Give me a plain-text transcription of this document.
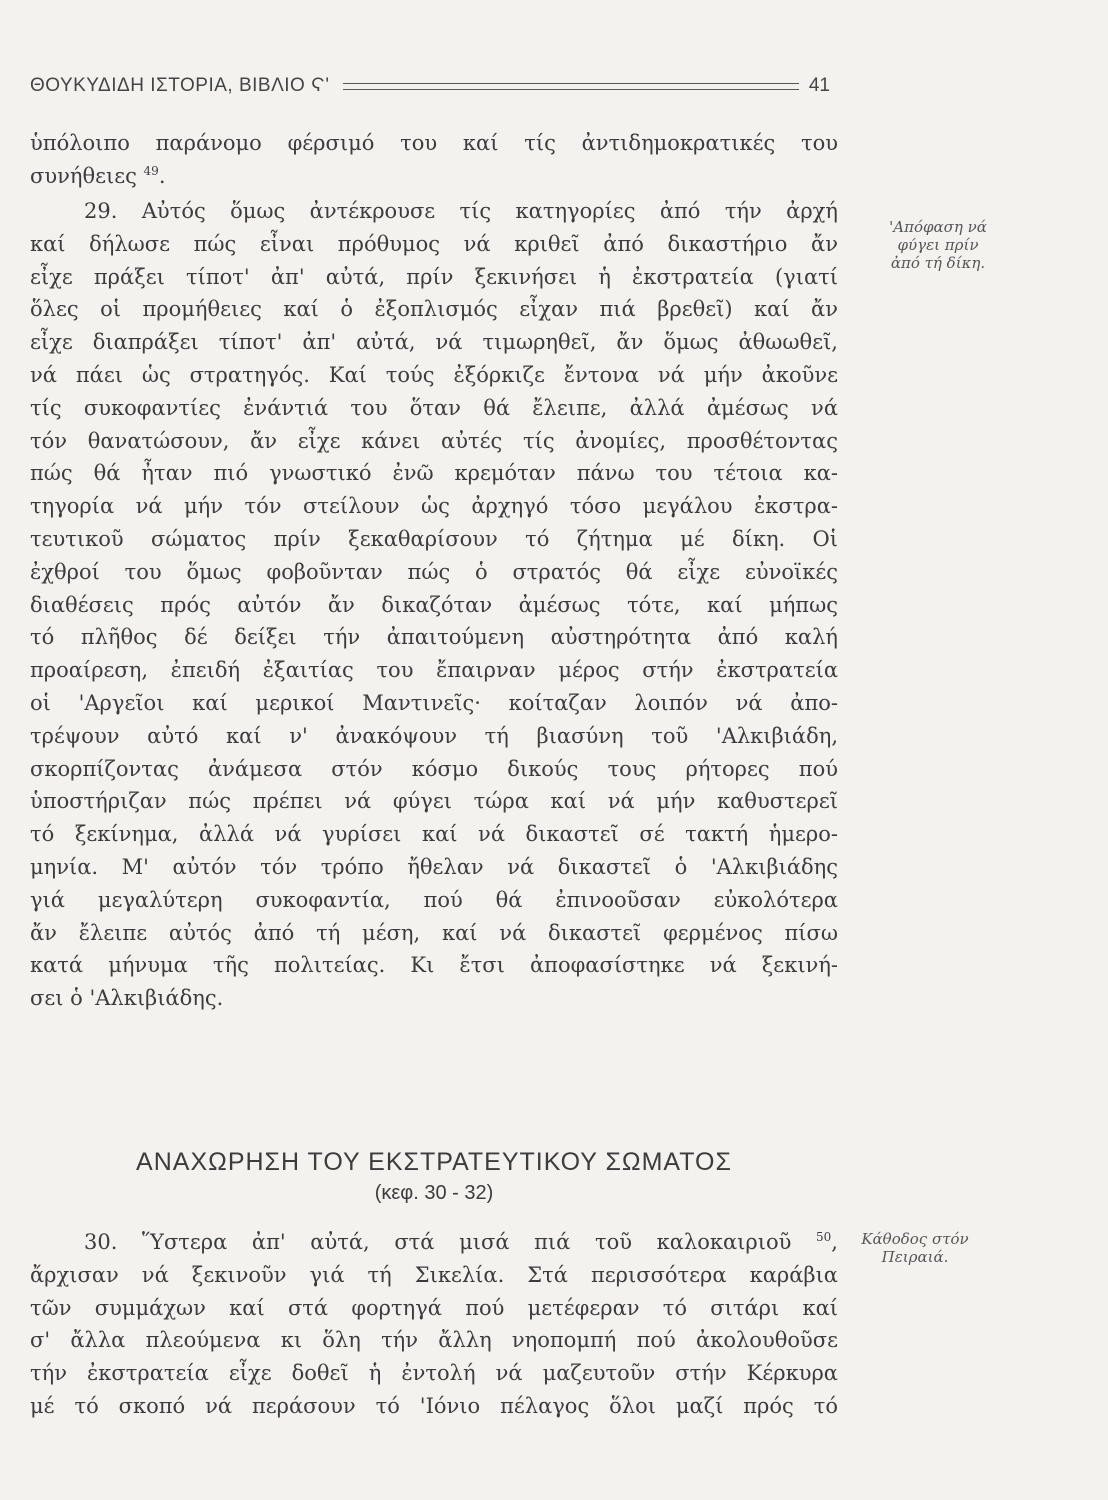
ΘΟΥΚΥΔΙΔΗ ΙΣΤΟΡΙΑ, ΒΙΒΛΙΟ Ϛ'	41
ὑπόλοιπο παράνομο φέρσιμό του καί τίς ἀντιδημοκρατικές του
συνήθειες $^{49}$.
29. Αὐτός ὅμως ἀντέκρουσε τίς κατηγορίες ἀπό τήν ἀρχή
καί δήλωσε πώς εἶναι πρόθυμος νά κριθεῖ ἀπό δικαστήριο ἄν
εἶχε πράξει τίποτ' ἀπ' αὐτά, πρίν ξεκινήσει ἡ ἐκστρατεία (γιατί
ὅλες οἱ προμήθειες καί ὁ ἐξοπλισμός εἶχαν πιά βρεθεῖ) καί ἄν
εἶχε διαπράξει τίποτ' ἀπ' αὐτά, νά τιμωρηθεῖ, ἄν ὅμως ἀθωωθεῖ,
νά πάει ὡς στρατηγός. Καί τούς ἐξόρκιζε ἔντονα νά μήν ἀκοῦνε
τίς συκοφαντίες ἐνάντιά του ὅταν θά ἔλειπε, ἀλλά ἀμέσως νά
τόν θανατώσουν, ἄν εἶχε κάνει αὐτές τίς ἀνομίες, προσθέτοντας
πώς θά ἦταν πιό γνωστικό ἐνῶ κρεμόταν πάνω του τέτοια κα-
τηγορία νά μήν τόν στείλουν ὡς ἀρχηγό τόσο μεγάλου ἐκστρα-
τευτικοῦ σώματος πρίν ξεκαθαρίσουν τό ζήτημα μέ δίκη. Οἱ
ἐχθροί του ὅμως φοβοῦνταν πώς ὁ στρατός θά εἶχε εὐνοϊκές
διαθέσεις πρός αὐτόν ἄν δικαζόταν ἀμέσως τότε, καί μήπως
τό πλῆθος δέ δείξει τήν ἀπαιτούμενη αὐστηρότητα ἀπό καλή
προαίρεση, ἐπειδή ἐξαιτίας του ἔπαιρναν μέρος στήν ἐκστρατεία
οἱ 'Αργεῖοι καί μερικοί Μαντινεῖς· κοίταζαν λοιπόν νά ἀπο-
τρέψουν αὐτό καί ν' ἀνακόψουν τή βιασύνη τοῦ 'Αλκιβιάδη,
σκορπίζοντας ἀνάμεσα στόν κόσμο δικούς τους ρήτορες πού
ὑποστήριζαν πώς πρέπει νά φύγει τώρα καί νά μήν καθυστερεῖ
τό ξεκίνημα, ἀλλά νά γυρίσει καί νά δικαστεῖ σέ τακτή ἡμερο-
μηνία. Μ' αὐτόν τόν τρόπο ἤθελαν νά δικαστεῖ ὁ 'Αλκιβιάδης
γιά μεγαλύτερη συκοφαντία, πού θά ἐπινοοῦσαν εὐκολότερα
ἄν ἔλειπε αὐτός ἀπό τή μέση, καί νά δικαστεῖ φερμένος πίσω
κατά μήνυμα τῆς πολιτείας. Κι ἔτσι ἀποφασίστηκε νά ξεκινή-
σει ὁ 'Αλκιβιάδης.
'Απόφαση νά
φύγει πρίν
ἀπό τή δίκη.
ΑΝΑΧΩΡΗΣΗ ΤΟΥ ΕΚΣΤΡΑΤΕΥΤΙΚΟΥ ΣΩΜΑΤΟΣ
(κεφ. 30 - 32)
30. Ὕστερα ἀπ' αὐτά, στά μισά πιά τοῦ καλοκαιριοῦ $^{50}$,
ἄρχισαν νά ξεκινοῦν γιά τή Σικελία. Στά περισσότερα καράβια
τῶν συμμάχων καί στά φορτηγά πού μετέφεραν τό σιτάρι καί
σ' ἄλλα πλεούμενα κι ὅλη τήν ἄλλη νηοπομπή πού ἀκολουθοῦσε
τήν ἐκστρατεία εἶχε δοθεῖ ἡ ἐντολή νά μαζευτοῦν στήν Κέρκυρα
μέ τό σκοπό νά περάσουν τό 'Ιόνιο πέλαγος ὅλοι μαζί πρός τό
Κάθοδος στόν
Πειραιά.
